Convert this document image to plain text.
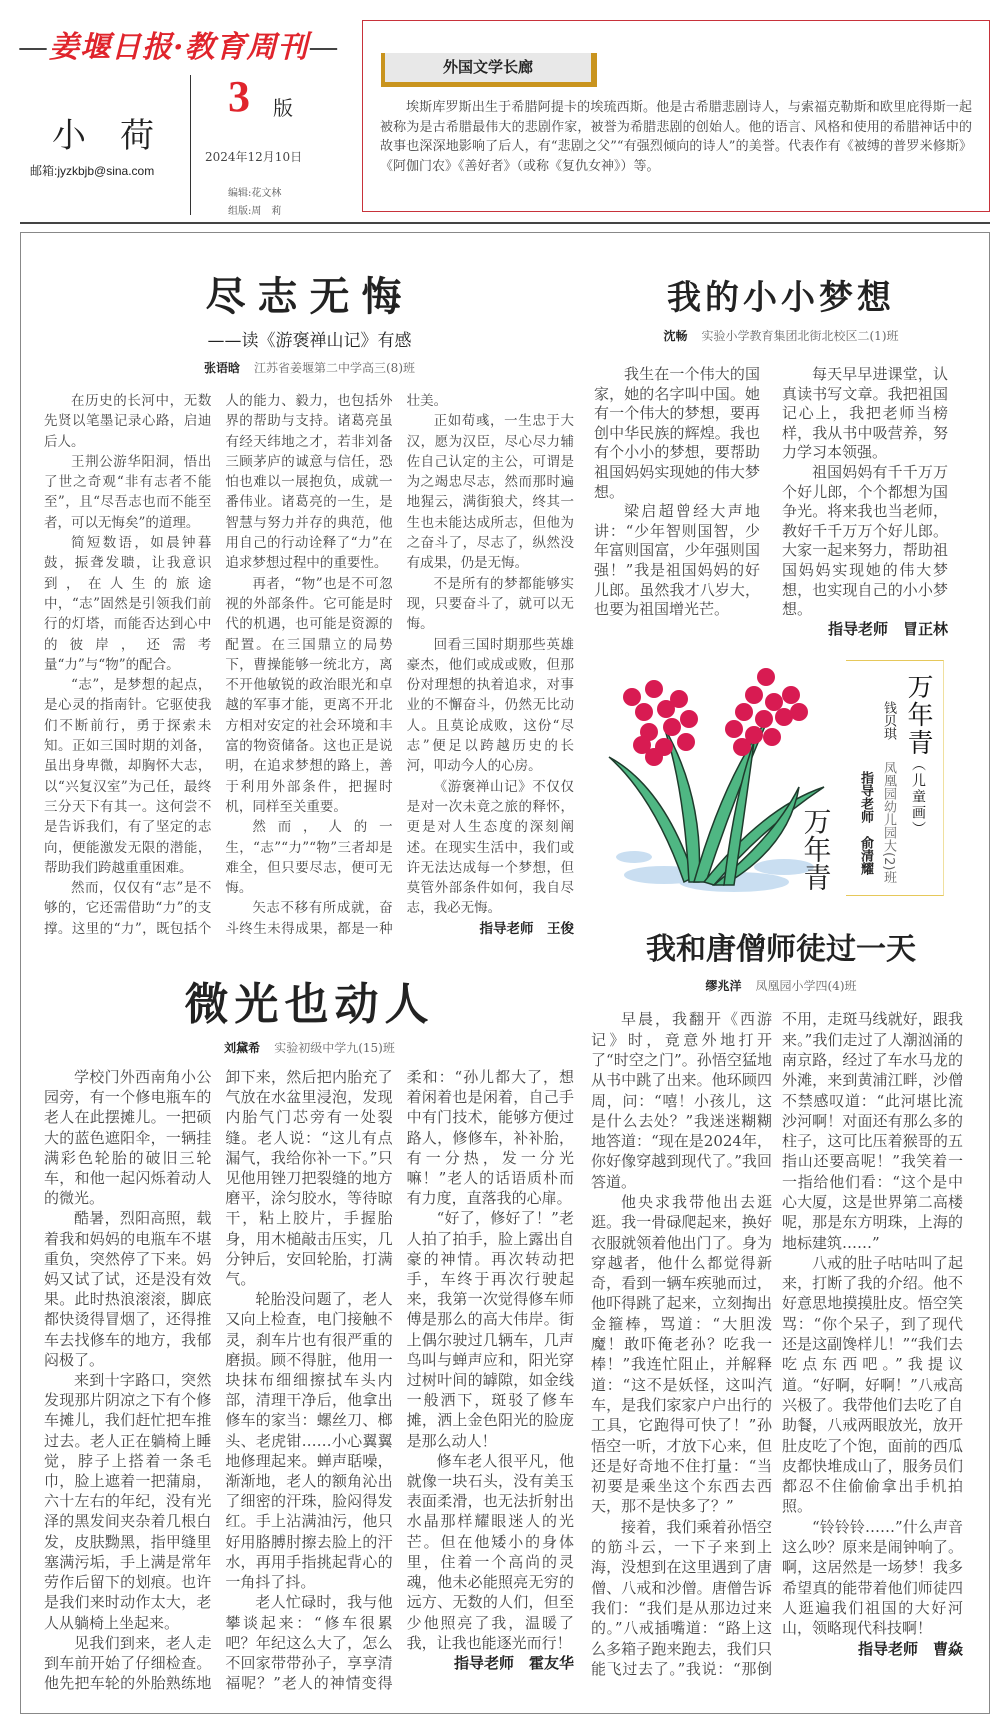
—姜堰日报·教育周刊—
小　荷
邮箱:jyzkbjb@sina.com
3 版
2024年12月10日
编辑:花文林
组版:周　莉
外国文学长廊
埃斯库罗斯出生于希腊阿提卡的埃琉西斯。他是古希腊悲剧诗人，与索福克勒斯和欧里庇得斯一起被称为是古希腊最伟大的悲剧作家，被誉为希腊悲剧的创始人。他的语言、风格和使用的希腊神话中的故事也深深地影响了后人，有“悲剧之父”“有强烈倾向的诗人”的美誉。代表作有《被缚的普罗米修斯》《阿伽门农》《善好者》（或称《复仇女神》）等。
尽志无悔
——读《游褒禅山记》有感
张语晗 江苏省姜堰第二中学高三(8)班

在历史的长河中，无数先贤以笔墨记录心路，启迪后人。

王荆公游华阳洞，悟出了世之奇观“非有志者不能至”，且“尽吾志也而不能至者，可以无悔矣”的道理。

简短数语，如晨钟暮鼓，振聋发聩，让我意识到，在人生的旅途中，“志”固然是引领我们前行的灯塔，而能否达到心中的彼岸，还需考量“力”与“物”的配合。

“志”，是梦想的起点，是心灵的指南针。它驱使我们不断前行，勇于探索未知。正如三国时期的刘备，虽出身卑微，却胸怀大志，以“兴复汉室”为己任，最终三分天下有其一。这何尝不是告诉我们，有了坚定的志向，便能激发无限的潜能，帮助我们跨越重重困难。

然而，仅仅有“志”是不够的，它还需借助“力”的支撑。这里的“力”，既包括个人的能力、毅力，也包括外界的帮助与支持。诸葛亮虽有经天纬地之才，若非刘备三顾茅庐的诚意与信任，恐怕也难以一展抱负，成就一番伟业。诸葛亮的一生，是智慧与努力并存的典范，他用自己的行动诠释了“力”在追求梦想过程中的重要性。

再者，“物”也是不可忽视的外部条件。它可能是时代的机遇，也可能是资源的配置。在三国鼎立的局势下，曹操能够一统北方，离不开他敏锐的政治眼光和卓越的军事才能，更离不开北方相对安定的社会环境和丰富的物资储备。这也正是说明，在追求梦想的路上，善于利用外部条件，把握时机，同样至关重要。

然而，人的一生，“志”“力”“物”三者却是难全，但只要尽志，便可无悔。

矢志不移有所成就，奋斗终生未得成果，都是一种壮美。

正如荀彧，一生忠于大汉，愿为汉臣，尽心尽力辅佐自己认定的主公，可谓是为之竭忠尽志，然而那时遍地猩云，满街狼犬，终其一生也未能达成所志，但他为之奋斗了，尽志了，纵然没有成果，仍是无悔。

不是所有的梦都能够实现，只要奋斗了，就可以无悔。

回看三国时期那些英雄豪杰，他们或成或败，但那份对理想的执着追求，对事业的不懈奋斗，仍然无比动人。且莫论成败，这份“尽志”便足以跨越历史的长河，叩动今人的心房。

《游褒禅山记》不仅仅是对一次未竟之旅的释怀，更是对人生态度的深刻阐述。在现实生活中，我们或许无法达成每一个梦想，但莫管外部条件如何，我自尽志，我必无悔。

指导老师　王俊

微光也动人
刘黛希 实验初级中学九(15)班

学校门外西南角小公园旁，有一个修电瓶车的老人在此摆摊儿。一把硕大的蓝色遮阳伞，一辆挂满彩色轮胎的破旧三轮车，和他一起闪烁着动人的微光。

酷暑，烈阳高照，载着我和妈妈的电瓶车不堪重负，突然停了下来。妈妈又试了试，还是没有效果。此时热浪滚滚，脚底都快烫得冒烟了，还得推车去找修车的地方，我郁闷极了。

来到十字路口，突然发现那片阴凉之下有个修车摊儿，我们赶忙把车推过去。老人正在躺椅上睡觉，脖子上搭着一条毛巾，脸上遮着一把蒲扇，六十左右的年纪，没有光泽的黑发间夹杂着几根白发，皮肤黝黑，指甲缝里塞满污垢，手上满是常年劳作后留下的划痕。也许是我们来时动作太大，老人从躺椅上坐起来。

见我们到来，老人走到车前开始了仔细检查。他先把车轮的外胎熟练地卸下来，然后把内胎充了气放在水盆里浸泡，发现内胎气门芯旁有一处裂缝。老人说：“这儿有点漏气，我给你补一下。”只见他用锉刀把裂缝的地方磨平，涂匀胶水，等待晾干，粘上胶片，手握胎身，用木槌敲击压实，几分钟后，安回轮胎，打满气。

轮胎没问题了，老人又向上检查，电门接触不灵，刹车片也有很严重的磨损。顾不得脏，他用一块抹布细细擦拭车头内部，清理干净后，他拿出修车的家当：螺丝刀、榔头、老虎钳……小心翼翼地修理起来。蝉声聒噪，渐渐地，老人的额角沁出了细密的汗珠，脸闷得发红。手上沾满油污，他只好用胳膊肘擦去脸上的汗水，再用手指挑起背心的一角抖了抖。

老人忙碌时，我与他攀谈起来：“修车很累吧？年纪这么大了，怎么不回家带带孙子，享享清福呢？”老人的神情变得柔和：“孙儿都大了，想着闲着也是闲着，自己手中有门技术，能够方便过路人，修修车，补补胎，有一分热，发一分光嘛！”老人的话语质朴而有力度，直落我的心扉。

“好了，修好了！”老人拍了拍手，脸上露出自豪的神情。再次转动把手，车终于再次行驶起来，我第一次觉得修车师傅是那么的高大伟岸。街上偶尔驶过几辆车，几声鸟叫与蝉声应和，阳光穿过树叶间的罅隙，如金线一般洒下，斑驳了修车摊，洒上金色阳光的脸庞是那么动人！

修车老人很平凡，他就像一块石头，没有美玉表面柔滑，也无法折射出水晶那样耀眼迷人的光芒。但在他矮小的身体里，住着一个高尚的灵魂，他未必能照亮无穷的远方、无数的人们，但至少他照亮了我，温暖了我，让我也能逐光而行！

指导老师　霍友华

我的小小梦想
沈畅 实验小学教育集团北街北校区二(1)班

我生在一个伟大的国家，她的名字叫中国。她有一个伟大的梦想，要再创中华民族的辉煌。我也有个小小的梦想，要帮助祖国妈妈实现她的伟大梦想。

梁启超曾经大声地讲：“少年智则国智，少年富则国富，少年强则国强！”我是祖国妈妈的好儿郎。虽然我才八岁大，也要为祖国增光芒。

每天早早进课堂，认真读书写文章。我把祖国记心上，我把老师当榜样，我从书中吸营养，努力学习本领强。

祖国妈妈有千千万万个好儿郎，个个都想为国争光。将来我也当老师，教好千千万万个好儿郎。大家一起来努力，帮助祖国妈妈实现她的伟大梦想，也实现自己的小小梦想。

指导老师　冒正林

万年青
万年青（儿童画）
钱贝琪
凤凰园幼儿园大(2)班
指导老师　俞清耀
我和唐僧师徒过一天
缪兆洋 凤凰园小学四(4)班

早晨，我翻开《西游记》时，竟意外地打开了“时空之门”。孙悟空猛地从书中跳了出来。他环顾四周，问：“嘻！小孩儿，这是什么去处？”我迷迷糊糊地答道：“现在是2024年，你好像穿越到现代了。”我回答道。

他央求我带他出去逛逛。我一骨碌爬起来，换好衣服就领着他出门了。身为穿越者，他什么都觉得新奇，看到一辆车疾驰而过，他吓得跳了起来，立刻掏出金箍棒，骂道：“大胆泼魔！敢吓俺老孙？吃我一棒！”我连忙阻止，并解释道：“这不是妖怪，这叫汽车，是我们家家户户出行的工具，它跑得可快了！”孙悟空一听，才放下心来，但还是好奇地不住打量：“当初要是乘坐这个东西去西天，那不是快多了？”

接着，我们乘着孙悟空的筋斗云，一下子来到上海，没想到在这里遇到了唐僧、八戒和沙僧。唐僧告诉我们：“我们是从那边过来的。”八戒插嘴道：“路上这么多箱子跑来跑去，我们只能飞过去了。”我说：“那倒不用，走斑马线就好，跟我来。”我们走过了人潮汹涌的南京路，经过了车水马龙的外滩，来到黄浦江畔，沙僧不禁感叹道：“此河堪比流沙河啊！对面还有那么多的柱子，这可比压着猴哥的五指山还要高呢！”我笑着一一指给他们看：“这个是中心大厦，这是世界第二高楼呢，那是东方明珠，上海的地标建筑……”

八戒的肚子咕咕叫了起来，打断了我的介绍。他不好意思地摸摸肚皮。悟空笑骂：“你个呆子，到了现代还是这副馋样儿！”“我们去吃点东西吧。”我提议道。“好啊，好啊！”八戒高兴极了。我带他们去吃了自助餐，八戒两眼放光，放开肚皮吃了个饱，面前的西瓜皮都快堆成山了，服务员们都忍不住偷偷拿出手机拍照。

“铃铃铃……”什么声音这么吵？原来是闹钟响了。啊，这居然是一场梦！我多希望真的能带着他们师徒四人逛遍我们祖国的大好河山，领略现代科技啊！

指导老师　曹焱
